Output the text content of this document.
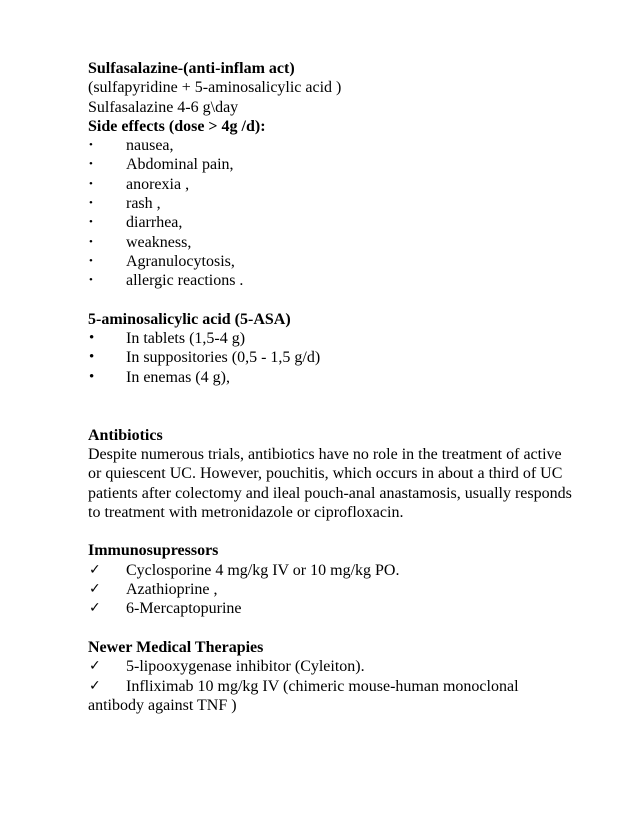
Sulfasalazine-(anti-inflam act)
(sulfapyridine + 5-aminosalicylic acid )
Sulfasalazine 4-6 g\day
Side effects (dose > 4g /d):
•	nausea,
•	Abdominal pain,
•	anorexia ,
•	rash ,
•	diarrhea,
•	weakness,
•	Agranulocytosis,
•	allergic reactions .
5-aminosalicylic acid (5-ASA)
•	In tablets (1,5-4 g)
•	In suppositories (0,5 - 1,5 g/d)
•	In enemas (4 g),
Antibiotics
Despite numerous trials, antibiotics have no role in the treatment of active
or quiescent UC. However, pouchitis, which occurs in about a third of UC
patients after colectomy and ileal pouch-anal anastamosis, usually responds
to treatment with metronidazole or ciprofloxacin.
Immunosupressors
✓	Cyclosporine 4 mg/kg IV or 10 mg/kg PO.
✓	Azathioprine ,
✓	6-Mercaptopurine
Newer Medical Therapies
✓	5-lipooxygenase inhibitor (Cyleiton).
✓	Infliximab 10 mg/kg IV (chimeric mouse-human monoclonal
antibody against TNF )
